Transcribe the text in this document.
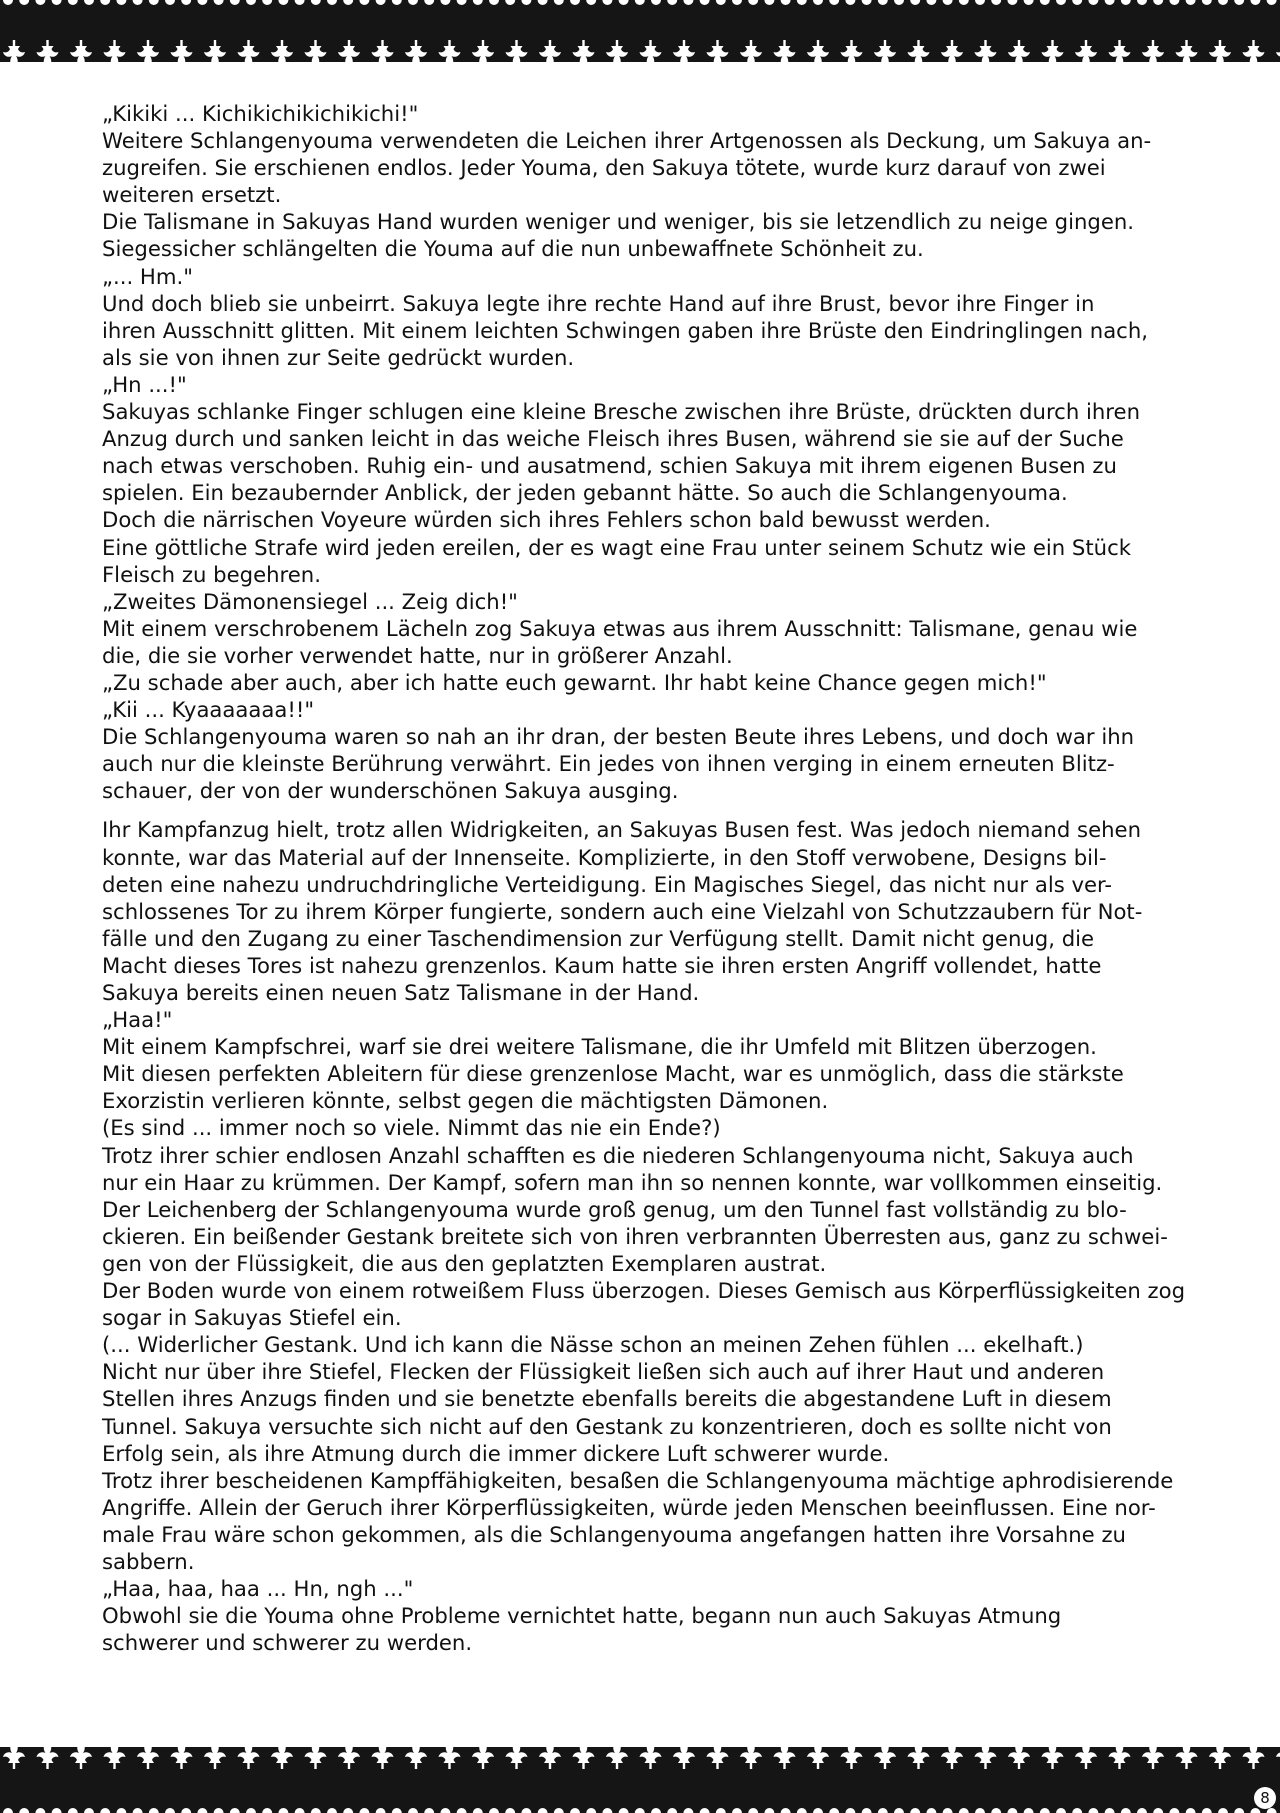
„Kikiki ... Kichikichikichikichi!"
Weitere Schlangenyouma verwendeten die Leichen ihrer Artgenossen als Deckung, um Sakuya an-
zugreifen. Sie erschienen endlos. Jeder Youma, den Sakuya tötete, wurde kurz darauf von zwei
weiteren ersetzt.
Die Talismane in Sakuyas Hand wurden weniger und weniger, bis sie letzendlich zu neige gingen.
Siegessicher schlängelten die Youma auf die nun unbewaffnete Schönheit zu.
„... Hm."
Und doch blieb sie unbeirrt. Sakuya legte ihre rechte Hand auf ihre Brust, bevor ihre Finger in
ihren Ausschnitt glitten. Mit einem leichten Schwingen gaben ihre Brüste den Eindringlingen nach,
als sie von ihnen zur Seite gedrückt wurden.
„Hn ...!"
Sakuyas schlanke Finger schlugen eine kleine Bresche zwischen ihre Brüste, drückten durch ihren
Anzug durch und sanken leicht in das weiche Fleisch ihres Busen, während sie sie auf der Suche
nach etwas verschoben. Ruhig ein- und ausatmend, schien Sakuya mit ihrem eigenen Busen zu
spielen. Ein bezaubernder Anblick, der jeden gebannt hätte. So auch die Schlangenyouma.
Doch die närrischen Voyeure würden sich ihres Fehlers schon bald bewusst werden.
Eine göttliche Strafe wird jeden ereilen, der es wagt eine Frau unter seinem Schutz wie ein Stück
Fleisch zu begehren.
„Zweites Dämonensiegel ... Zeig dich!"
Mit einem verschrobenem Lächeln zog Sakuya etwas aus ihrem Ausschnitt: Talismane, genau wie
die, die sie vorher verwendet hatte, nur in größerer Anzahl.
„Zu schade aber auch, aber ich hatte euch gewarnt. Ihr habt keine Chance gegen mich!"
„Kii ... Kyaaaaaaa!!"
Die Schlangenyouma waren so nah an ihr dran, der besten Beute ihres Lebens, und doch war ihn
auch nur die kleinste Berührung verwährt. Ein jedes von ihnen verging in einem erneuten Blitz-
schauer, der von der wunderschönen Sakuya ausging.
Ihr Kampfanzug hielt, trotz allen Widrigkeiten, an Sakuyas Busen fest. Was jedoch niemand sehen
konnte, war das Material auf der Innenseite. Komplizierte, in den Stoff verwobene, Designs bil-
deten eine nahezu undruchdringliche Verteidigung. Ein Magisches Siegel, das nicht nur als ver-
schlossenes Tor zu ihrem Körper fungierte, sondern auch eine Vielzahl von Schutzzaubern für Not-
fälle und den Zugang zu einer Taschendimension zur Verfügung stellt. Damit nicht genug, die
Macht dieses Tores ist nahezu grenzenlos. Kaum hatte sie ihren ersten Angriff vollendet, hatte
Sakuya bereits einen neuen Satz Talismane in der Hand.
„Haa!"
Mit einem Kampfschrei, warf sie drei weitere Talismane, die ihr Umfeld mit Blitzen überzogen.
Mit diesen perfekten Ableitern für diese grenzenlose Macht, war es unmöglich, dass die stärkste
Exorzistin verlieren könnte, selbst gegen die mächtigsten Dämonen.
(Es sind ... immer noch so viele. Nimmt das nie ein Ende?)
Trotz ihrer schier endlosen Anzahl schafften es die niederen Schlangenyouma nicht, Sakuya auch
nur ein Haar zu krümmen. Der Kampf, sofern man ihn so nennen konnte, war vollkommen einseitig.
Der Leichenberg der Schlangenyouma wurde groß genug, um den Tunnel fast vollständig zu blo-
ckieren. Ein beißender Gestank breitete sich von ihren verbrannten Überresten aus, ganz zu schwei-
gen von der Flüssigkeit, die aus den geplatzten Exemplaren austrat.
Der Boden wurde von einem rotweißem Fluss überzogen. Dieses Gemisch aus Körperflüssigkeiten zog
sogar in Sakuyas Stiefel ein.
(... Widerlicher Gestank. Und ich kann die Nässe schon an meinen Zehen fühlen ... ekelhaft.)
Nicht nur über ihre Stiefel, Flecken der Flüssigkeit ließen sich auch auf ihrer Haut und anderen
Stellen ihres Anzugs finden und sie benetzte ebenfalls bereits die abgestandene Luft in diesem
Tunnel. Sakuya versuchte sich nicht auf den Gestank zu konzentrieren, doch es sollte nicht von
Erfolg sein, als ihre Atmung durch die immer dickere Luft schwerer wurde.
Trotz ihrer bescheidenen Kampffähigkeiten, besaßen die Schlangenyouma mächtige aphrodisierende
Angriffe. Allein der Geruch ihrer Körperflüssigkeiten, würde jeden Menschen beeinflussen. Eine nor-
male Frau wäre schon gekommen, als die Schlangenyouma angefangen hatten ihre Vorsahne zu
sabbern.
„Haa, haa, haa ... Hn, ngh ..."
Obwohl sie die Youma ohne Probleme vernichtet hatte, begann nun auch Sakuyas Atmung
schwerer und schwerer zu werden.
8
